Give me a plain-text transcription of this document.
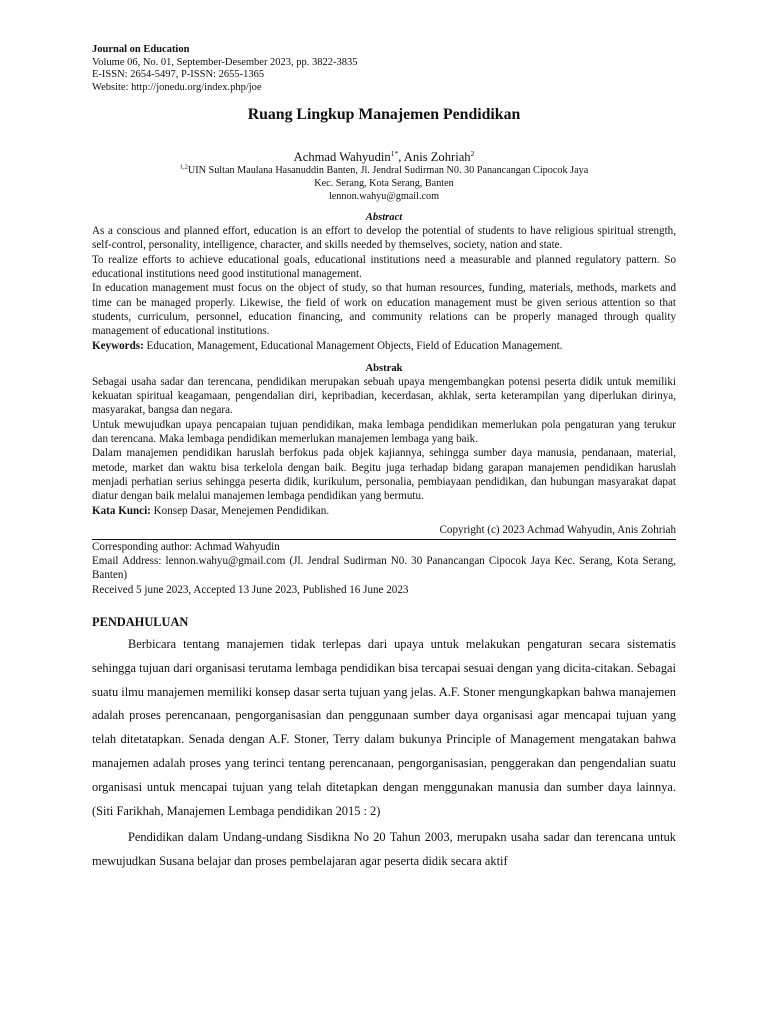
Journal on Education
Volume 06, No. 01, September-Desember 2023, pp. 3822-3835
E-ISSN: 2654-5497, P-ISSN: 2655-1365
Website: http://jonedu.org/index.php/joe
Ruang Lingkup Manajemen Pendidikan
Achmad Wahyudin$^{1*}$, Anis Zohriah$^2$
$^{1,2}$UIN Sultan Maulana Hasanuddin Banten, Jl. Jendral Sudirman N0. 30 Panancangan Cipocok Jaya
Kec. Serang, Kota Serang, Banten
lennon.wahyu@gmail.com
Abstract

As a conscious and planned effort, education is an effort to develop the potential of students to have religious spiritual strength, self-control, personality, intelligence, character, and skills needed by themselves, society, nation and state.

To realize efforts to achieve educational goals, educational institutions need a measurable and planned regulatory pattern. So educational institutions need good institutional management.

In education management must focus on the object of study, so that human resources, funding, materials, methods, markets and time can be managed properly. Likewise, the field of work on education management must be given serious attention so that students, curriculum, personnel, education financing, and community relations can be properly managed through quality management of educational institutions.

Keywords: Education, Management, Educational Management Objects, Field of Education Management.

Abstrak

Sebagai usaha sadar dan terencana, pendidikan merupakan sebuah upaya mengembangkan potensi peserta didik untuk memiliki kekuatan spiritual keagamaan, pengendalian diri, kepribadian, kecerdasan, akhlak, serta keterampilan yang diperlukan dirinya, masyarakat, bangsa dan negara.

Untuk mewujudkan upaya pencapaian tujuan pendidikan, maka lembaga pendidikan memerlukan pola pengaturan yang terukur dan terencana. Maka lembaga pendidikan memerlukan manajemen lembaga yang baik.

Dalam manajemen pendidikan haruslah berfokus pada objek kajiannya, sehingga sumber daya manusia, pendanaan, material, metode, market dan waktu bisa terkelola dengan baik. Begitu juga terhadap bidang garapan manajemen pendidikan haruslah menjadi perhatian serius sehingga peserta didik, kurikulum, personalia, pembiayaan pendidikan, dan hubungan masyarakat dapat diatur dengan baik melalui manajemen lembaga pendidikan yang bermutu.

Kata Kunci: Konsep Dasar, Menejemen Pendidikan.

Copyright (c) 2023 Achmad Wahyudin, Anis Zohriah

Corresponding author: Achmad Wahyudin

Email Address: lennon.wahyu@gmail.com (Jl. Jendral Sudirman N0. 30 Panancangan Cipocok Jaya Kec. Serang, Kota Serang, Banten)

Received 5 june 2023, Accepted 13 June 2023, Published 16 June 2023

PENDAHULUAN

Berbicara tentang manajemen tidak terlepas dari upaya untuk melakukan pengaturan secara sistematis sehingga tujuan dari organisasi terutama lembaga pendidikan bisa tercapai sesuai dengan yang dicita-citakan. Sebagai suatu ilmu manajemen memiliki konsep dasar serta tujuan yang jelas. A.F. Stoner mengungkapkan bahwa manajemen adalah proses perencanaan, pengorganisasian dan penggunaan sumber daya organisasi agar mencapai tujuan yang telah ditetatapkan. Senada dengan A.F. Stoner, Terry dalam bukunya Principle of Management mengatakan bahwa manajemen adalah proses yang terinci tentang perencanaan, pengorganisasian, penggerakan dan pengendalian suatu organisasi untuk mencapai tujuan yang telah ditetapkan dengan menggunakan manusia dan sumber daya lainnya. (Siti Farikhah, Manajemen Lembaga pendidikan 2015 : 2)

Pendidikan dalam Undang-undang Sisdikna No 20 Tahun 2003, merupakn usaha sadar dan terencana untuk mewujudkan Susana belajar dan proses pembelajaran agar peserta didik secara aktif
